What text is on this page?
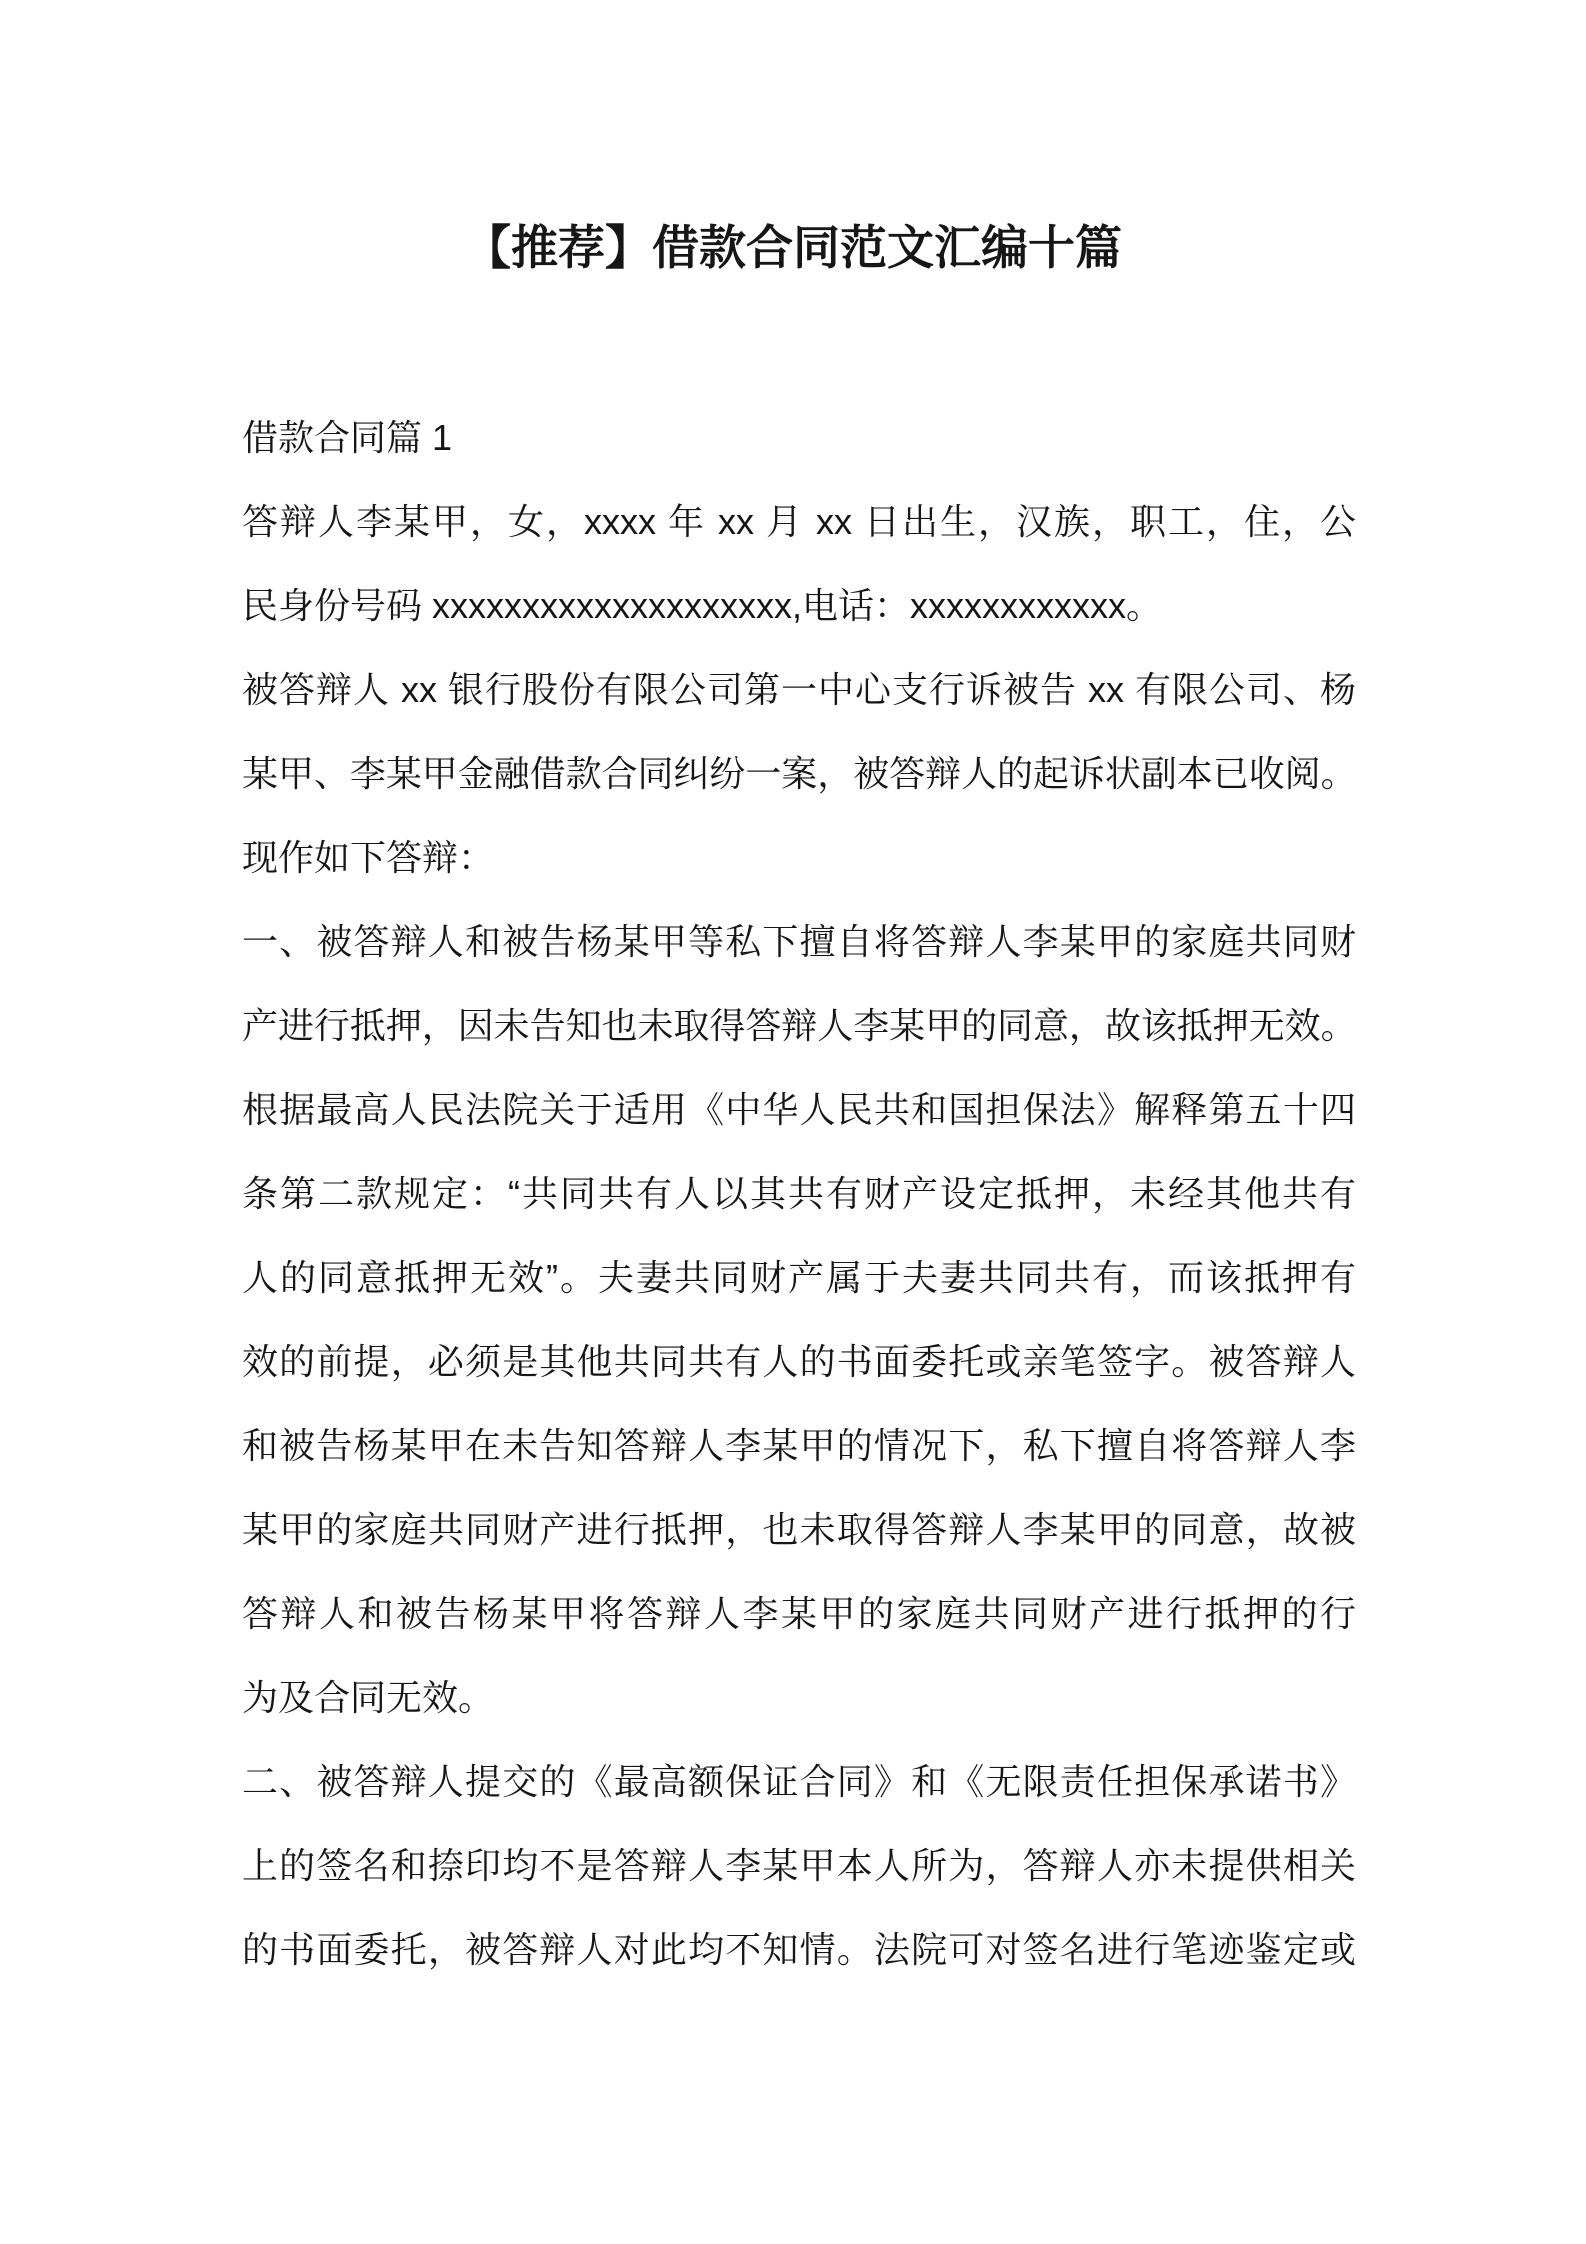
【推荐】借款合同范文汇编十篇
借款合同篇 1
答辩人李某甲，女，xxxx 年 xx 月 xx 日出生，汉族，职工，住，公
民身份号码 xxxxxxxxxxxxxxxxxxxx,电话：xxxxxxxxxxxx。
被答辩人 xx 银行股份有限公司第一中心支行诉被告 xx 有限公司、杨
某甲、李某甲金融借款合同纠纷一案，被答辩人的起诉状副本已收阅。
现作如下答辩：
一、被答辩人和被告杨某甲等私下擅自将答辩人李某甲的家庭共同财
产进行抵押，因未告知也未取得答辩人李某甲的同意，故该抵押无效。
根据最高人民法院关于适用《中华人民共和国担保法》解释第五十四
条第二款规定：“共同共有人以其共有财产设定抵押，未经其他共有
人的同意抵押无效”。夫妻共同财产属于夫妻共同共有，而该抵押有
效的前提，必须是其他共同共有人的书面委托或亲笔签字。被答辩人
和被告杨某甲在未告知答辩人李某甲的情况下，私下擅自将答辩人李
某甲的家庭共同财产进行抵押，也未取得答辩人李某甲的同意，故被
答辩人和被告杨某甲将答辩人李某甲的家庭共同财产进行抵押的行
为及合同无效。
二、被答辩人提交的《最高额保证合同》和《无限责任担保承诺书》
上的签名和捺印均不是答辩人李某甲本人所为，答辩人亦未提供相关
的书面委托，被答辩人对此均不知情。法院可对签名进行笔迹鉴定或
